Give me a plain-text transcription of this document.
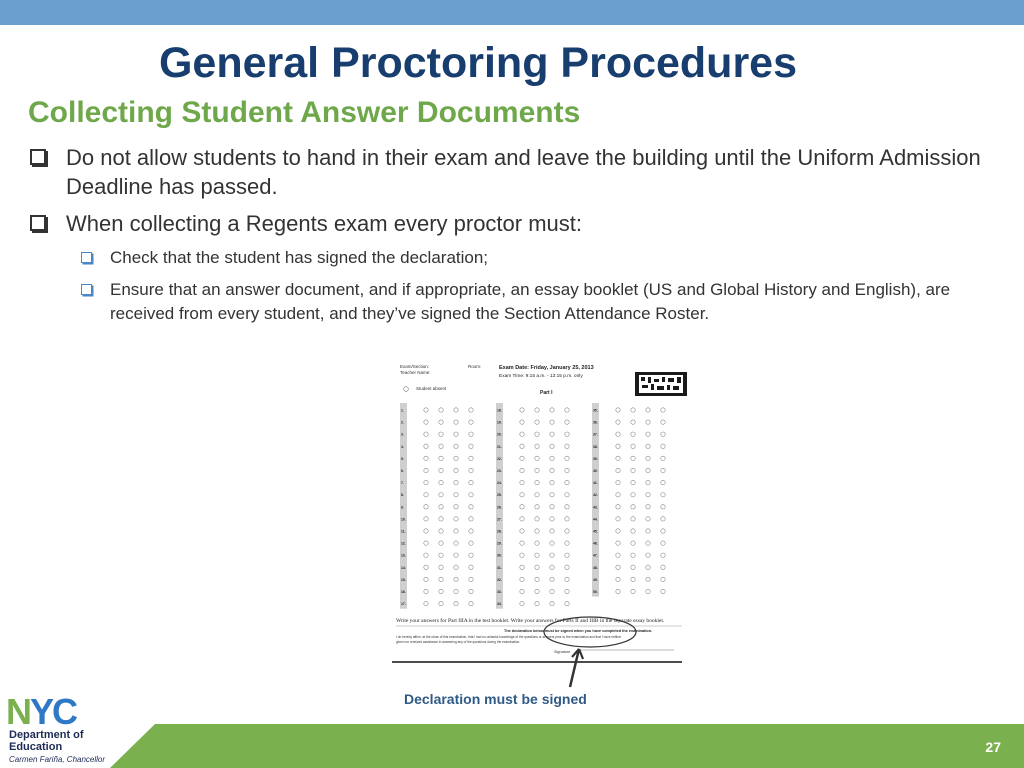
General Proctoring Procedures
Collecting Student Answer Documents
Do not allow students to hand in their exam and leave the building until the Uniform Admission Deadline has passed.
When collecting a Regents exam every proctor must:
Check that the student has signed the declaration;
Ensure that an answer document, and if appropriate, an essay booklet (US and Global History and English), are received from every student, and they’ve signed the Section Attendance Roster.
Exam/Section:
Teacher Name:
Room:	Exam Date: Friday, January 25, 2013
Exam Time: 9:15 a.m. - 12:15 p.m. only
Student absent
Part I
1.
2.
3.
4.
5.
6.
7.
8.
9.
10.
11.
12.
13.
14.
15.
16.
17.
18.
19.
20.
21.
22.
23.
24.
25.
26.
27.
28.
29.
30.
31.
32.
33.
34.
35.
36.
37.
38.
39.
40.
41.
42.
43.
44.
45.
46.
47.
48.
49.
50.
Write your answers for Part IIIA in the test booklet. Write your answers for Parts II and IIIB in the separate essay booklet.
The declaration below must be signed when you have completed the examination.
I do hereby affirm, at the close of this examination, that I had no unlawful knowledge of the questions or answers prior to the examination and that I have neither
given nor received assistance in answering any of the questions during the examination.
Signature
Declaration must be signed
27
NYC
Department of
Education
Carmen Fariña, Chancellor
